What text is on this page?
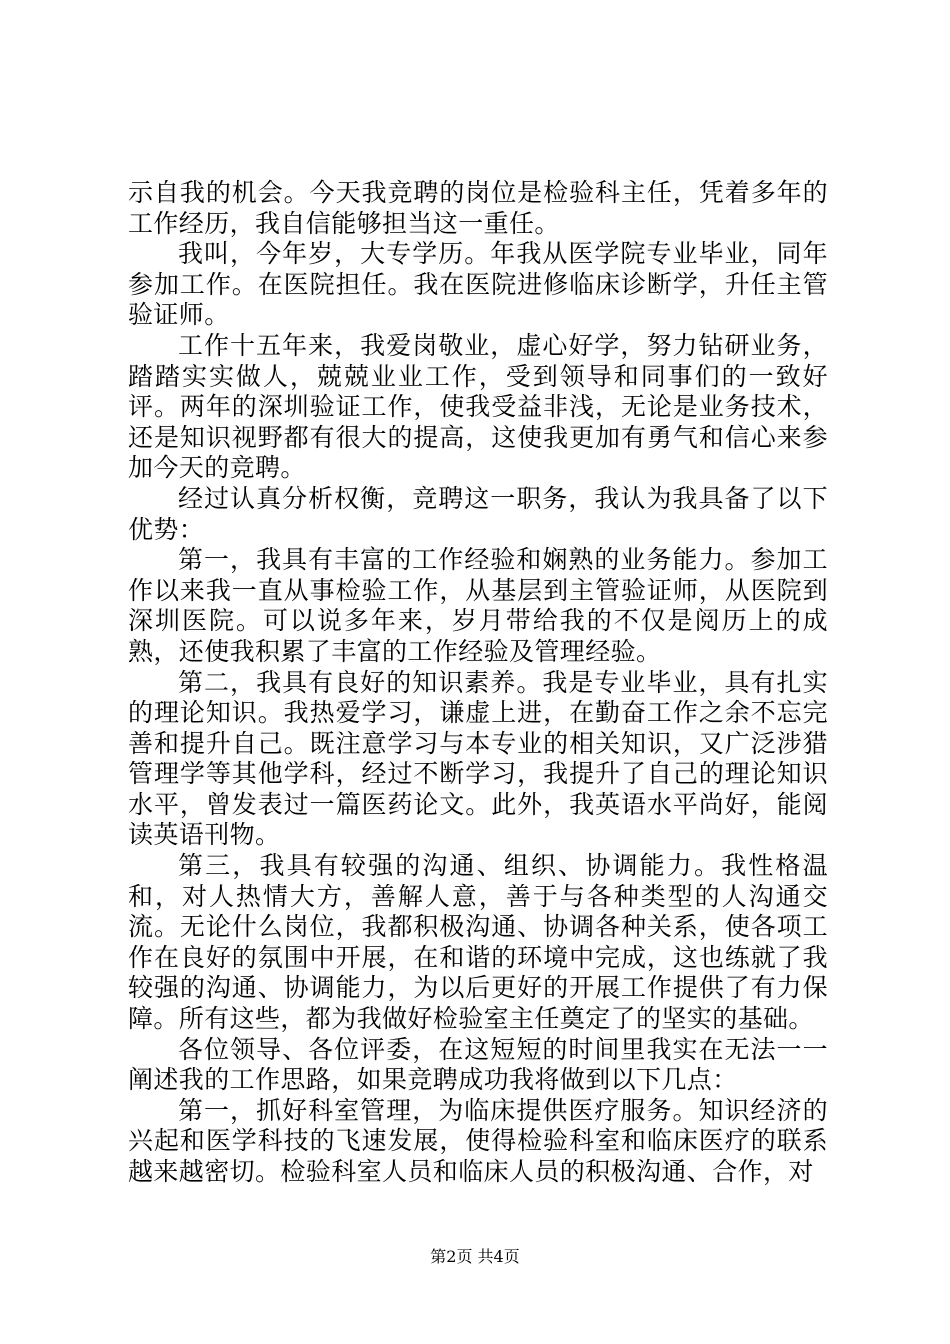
示自我的机会。今天我竞聘的岗位是检验科主任，凭着多年的工作经历，我自信能够担当这一重任。

我叫，今年岁，大专学历。年我从医学院专业毕业，同年参加工作。在医院担任。我在医院进修临床诊断学，升任主管验证师。

工作十五年来，我爱岗敬业，虚心好学，努力钻研业务，踏踏实实做人，兢兢业业工作，受到领导和同事们的一致好评。两年的深圳验证工作，使我受益非浅，无论是业务技术，还是知识视野都有很大的提高，这使我更加有勇气和信心来参加今天的竞聘。

经过认真分析权衡，竞聘这一职务，我认为我具备了以下优势：

第一，我具有丰富的工作经验和娴熟的业务能力。参加工作以来我一直从事检验工作，从基层到主管验证师，从医院到深圳医院。可以说多年来，岁月带给我的不仅是阅历上的成熟，还使我积累了丰富的工作经验及管理经验。

第二，我具有良好的知识素养。我是专业毕业，具有扎实的理论知识。我热爱学习，谦虚上进，在勤奋工作之余不忘完善和提升自己。既注意学习与本专业的相关知识，又广泛涉猎管理学等其他学科，经过不断学习，我提升了自己的理论知识水平，曾发表过一篇医药论文。此外，我英语水平尚好，能阅读英语刊物。

第三，我具有较强的沟通、组织、协调能力。我性格温和，对人热情大方，善解人意，善于与各种类型的人沟通交流。无论什么岗位，我都积极沟通、协调各种关系，使各项工作在良好的氛围中开展，在和谐的环境中完成，这也练就了我较强的沟通、协调能力，为以后更好的开展工作提供了有力保障。所有这些，都为我做好检验室主任奠定了的坚实的基础。

各位领导、各位评委，在这短短的时间里我实在无法一一阐述我的工作思路，如果竞聘成功我将做到以下几点：

第一，抓好科室管理，为临床提供医疗服务。知识经济的兴起和医学科技的飞速发展，使得检验科室和临床医疗的联系越来越密切。检验科室人员和临床人员的积极沟通、合作，对

第2页 共4页
